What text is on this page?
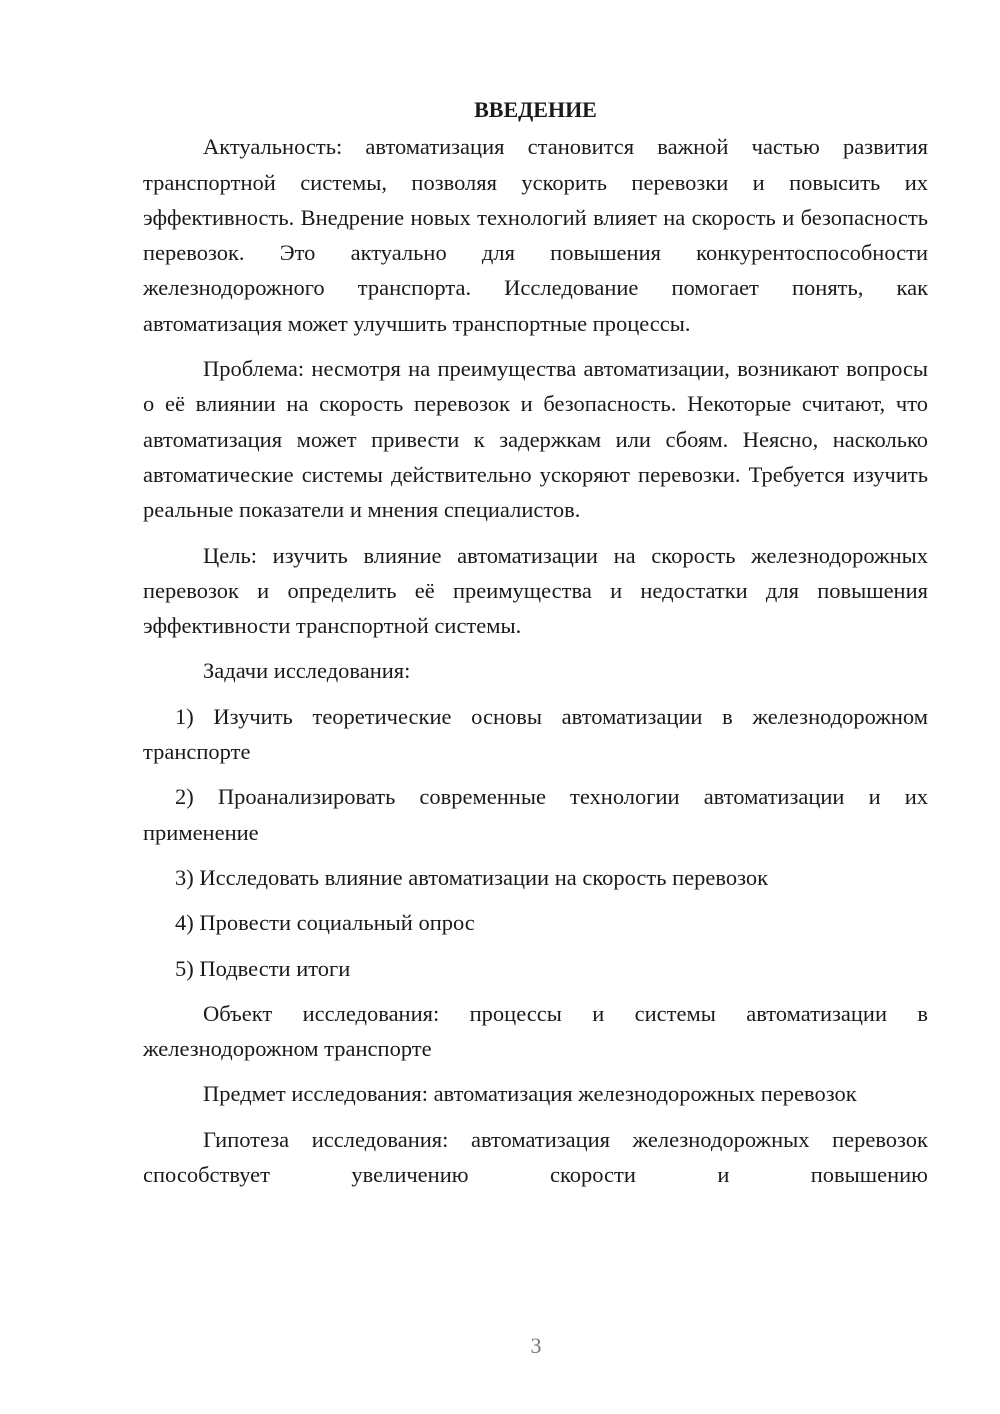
ВВЕДЕНИЕ

Актуальность: автоматизация становится важной частью развития транспортной системы, позволяя ускорить перевозки и повысить их эффективность. Внедрение новых технологий влияет на скорость и безопасность перевозок. Это актуально для повышения конкурентоспособности железнодорожного транспорта. Исследование помогает понять, как автоматизация может улучшить транспортные процессы.

Проблема: несмотря на преимущества автоматизации, возникают вопросы о её влиянии на скорость перевозок и безопасность. Некоторые считают, что автоматизация может привести к задержкам или сбоям. Неясно, насколько автоматические системы действительно ускоряют перевозки. Требуется изучить реальные показатели и мнения специалистов.

Цель: изучить влияние автоматизации на скорость железнодорожных перевозок и определить её преимущества и недостатки для повышения эффективности транспортной системы.

Задачи исследования:

1) Изучить теоретические основы автоматизации в железнодорожном транспорте

2) Проанализировать современные технологии автоматизации и их применение

3) Исследовать влияние автоматизации на скорость перевозок

4) Провести социальный опрос

5) Подвести итоги

Объект исследования: процессы и системы автоматизации в железнодорожном транспорте

Предмет исследования: автоматизация железнодорожных перевозок

Гипотеза исследования: автоматизация железнодорожных перевозок способствует увеличению скорости и повышению

3
